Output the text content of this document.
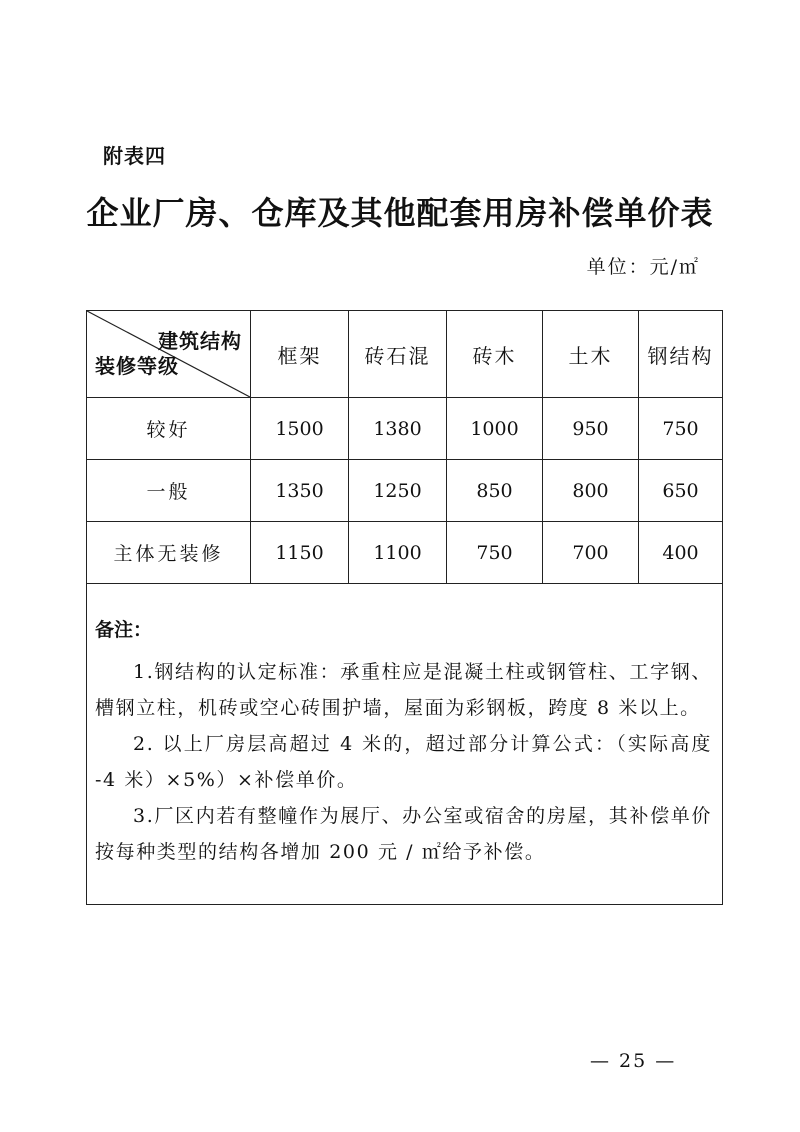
附表四
企业厂房、仓库及其他配套用房补偿单价表
单位：元/㎡
建筑结构
装修等级	框架	砖石混	砖木	土木	钢结构
较好	1500	1380	1000	950	750
一般	1350	1250	850	800	650
主体无装修	1150	1100	750	700	400

备注：
1.钢结构的认定标准：承重柱应是混凝土柱或钢管柱、工字钢、槽钢立柱，机砖或空心砖围护墙，屋面为彩钢板，跨度 8 米以上。
2. 以上厂房层高超过 4 米的，超过部分计算公式：（实际高度 -4 米）×5%）×补偿单价。
3.厂区内若有整幢作为展厅、办公室或宿舍的房屋，其补偿单价按每种类型的结构各增加 200 元 / ㎡给予补偿。					
— 25 —
